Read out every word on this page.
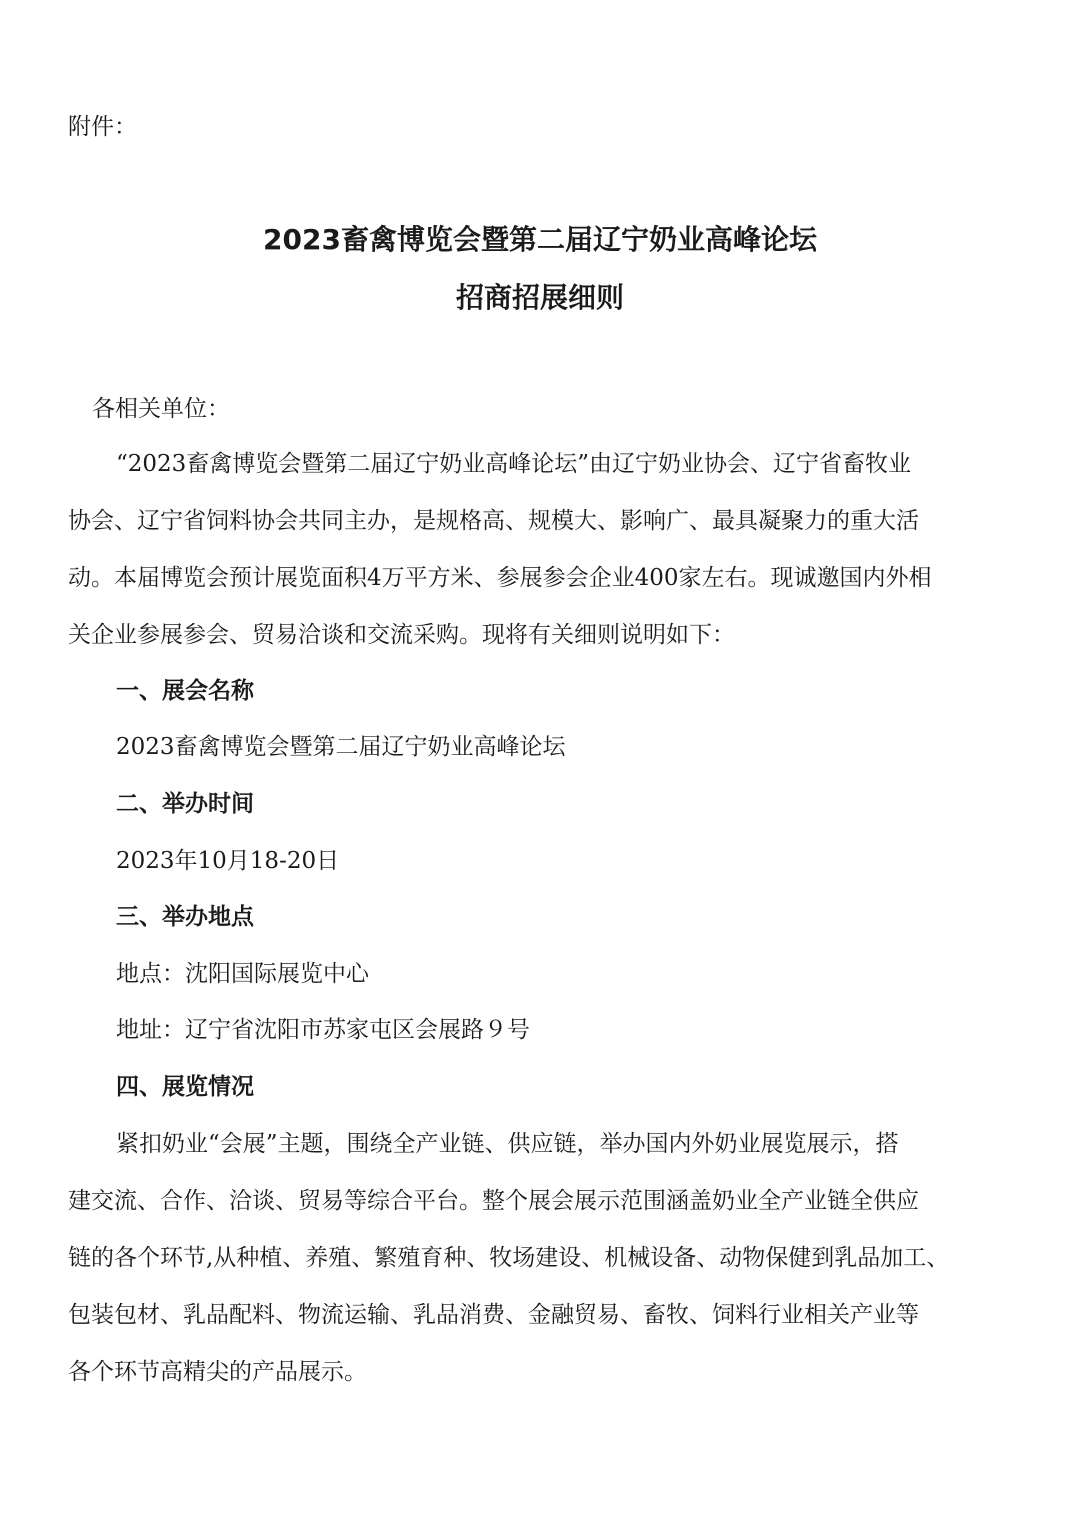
附件：
2023畜禽博览会暨第二届辽宁奶业高峰论坛
招商招展细则
各相关单位：
“2023畜禽博览会暨第二届辽宁奶业高峰论坛”由辽宁奶业协会、辽宁省畜牧业
协会、辽宁省饲料协会共同主办，是规格高、规模大、影响广、最具凝聚力的重大活
动。本届博览会预计展览面积4万平方米、参展参会企业400家左右。现诚邀国内外相
关企业参展参会、贸易洽谈和交流采购。现将有关细则说明如下：
一、展会名称
2023畜禽博览会暨第二届辽宁奶业高峰论坛
二、举办时间
2023年10月18-20日
三、举办地点
地点：沈阳国际展览中心
地址：辽宁省沈阳市苏家屯区会展路９号
四、展览情况
紧扣奶业“会展”主题，围绕全产业链、供应链，举办国内外奶业展览展示，搭
建交流、合作、洽谈、贸易等综合平台。整个展会展示范围涵盖奶业全产业链全供应
链的各个环节,从种植、养殖、繁殖育种、牧场建设、机械设备、动物保健到乳品加工、
包装包材、乳品配料、物流运输、乳品消费、金融贸易、畜牧、饲料行业相关产业等
各个环节高精尖的产品展示。
